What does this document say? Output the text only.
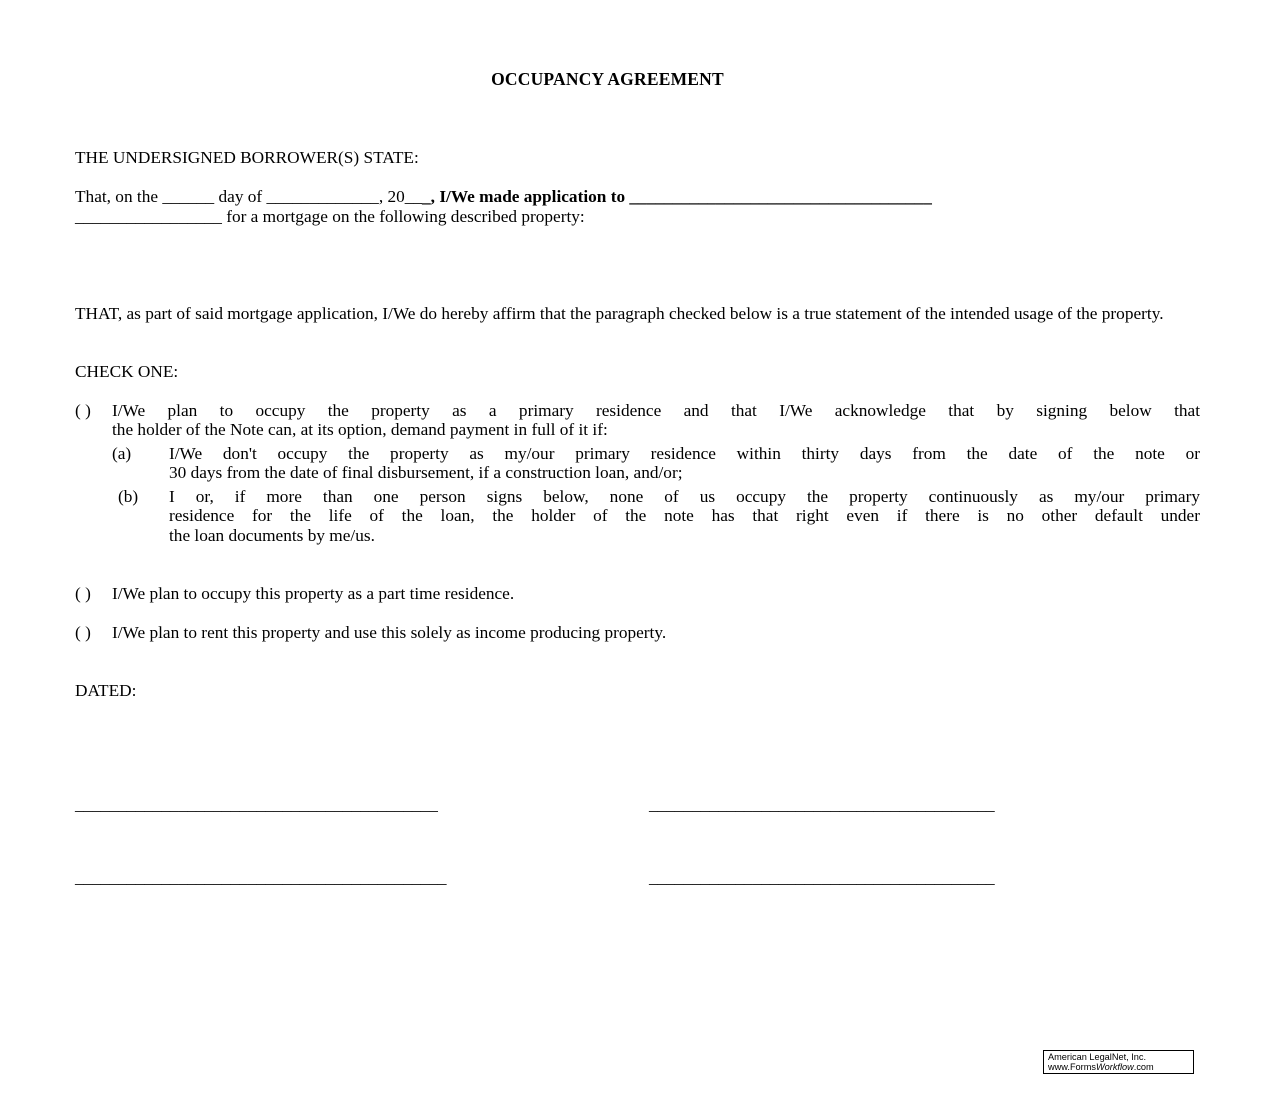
OCCUPANCY AGREEMENT
THE UNDERSIGNED BORROWER(S) STATE:
That, on the ______ day of _____________, 20___, I/We made application to ___________________________________
_________________ for a mortgage on the following described property:
THAT, as part of said mortgage application, I/We do hereby affirm that the paragraph checked below is a true statement of the intended usage of the property.
CHECK ONE:
( ) I/We plan to occupy the property as a primary residence and that I/We acknowledge that by signing below that
the holder of the Note can, at its option, demand payment in full of it if:
(a) I/We don't occupy the property as my/our primary residence within thirty days from the date of the note or
30 days from the date of final disbursement, if a construction loan, and/or;
(b) I or, if more than one person signs below, none of us occupy the property continuously as my/our primary
residence for the life of the loan, the holder of the note has that right even if there is no other default under
the loan documents by me/us.
( ) I/We plan to occupy this property as a part time residence.
( ) I/We plan to rent this property and use this solely as income producing property.
DATED:
__________________________________________	________________________________________
___________________________________________	________________________________________
American LegalNet, Inc.
www.FormsWorkflow.com
